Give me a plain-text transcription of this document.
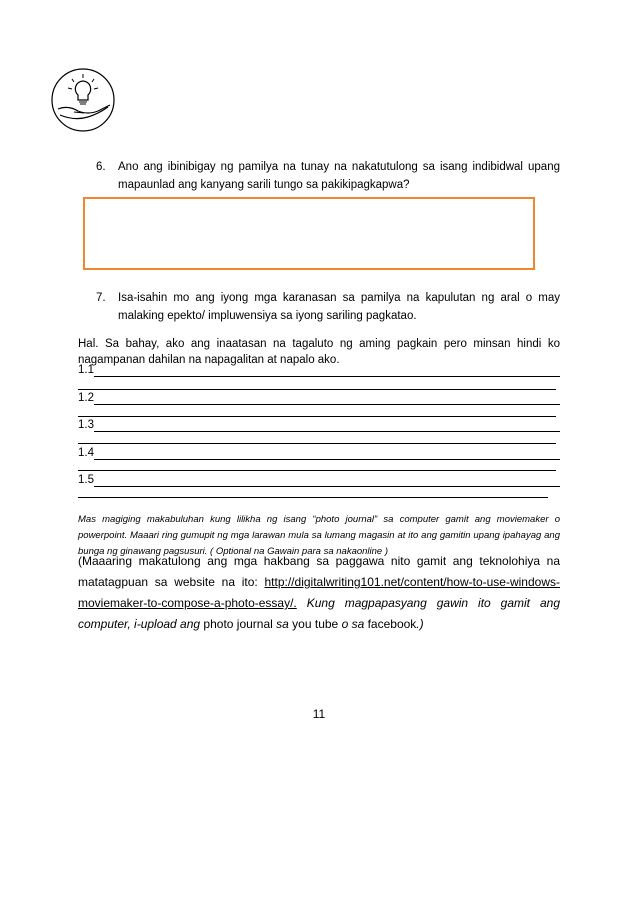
6. Ano ang ibinibigay ng pamilya na tunay na nakatutulong sa isang indibidwal upang mapaunlad ang kanyang sarili tungo sa pakikipagkapwa?
7. Isa-isahin mo ang iyong mga karanasan sa pamilya na kapulutan ng aral o may malaking epekto/ impluwensiya sa iyong sariling pagkatao.
Hal. Sa bahay, ako ang inaatasan na tagaluto ng aming pagkain pero minsan hindi ko nagampanan dahilan na napagalitan at napalo ako.
1.1
1.2
1.3
1.4
1.5
Mas magiging makabuluhan kung lilikha ng isang “photo journal” sa computer gamit ang moviemaker o powerpoint. Maaari ring gumupit ng mga larawan mula sa lumang magasin at ito ang gamitin upang ipahayag ang bunga ng ginawang pagsusuri. ( Optional na Gawain para sa nakaonline )
(Maaaring makatulong ang mga hakbang sa paggawa nito gamit ang teknolohiya na
matatagpuan sa website na ito: http://digitalwriting101.net/content/how-to-use-windows-
moviemaker-to-compose-a-photo-essay/. Kung magpapasyang gawin ito gamit ang
computer, i-upload ang photo journal sa you tube o sa facebook.)
11
